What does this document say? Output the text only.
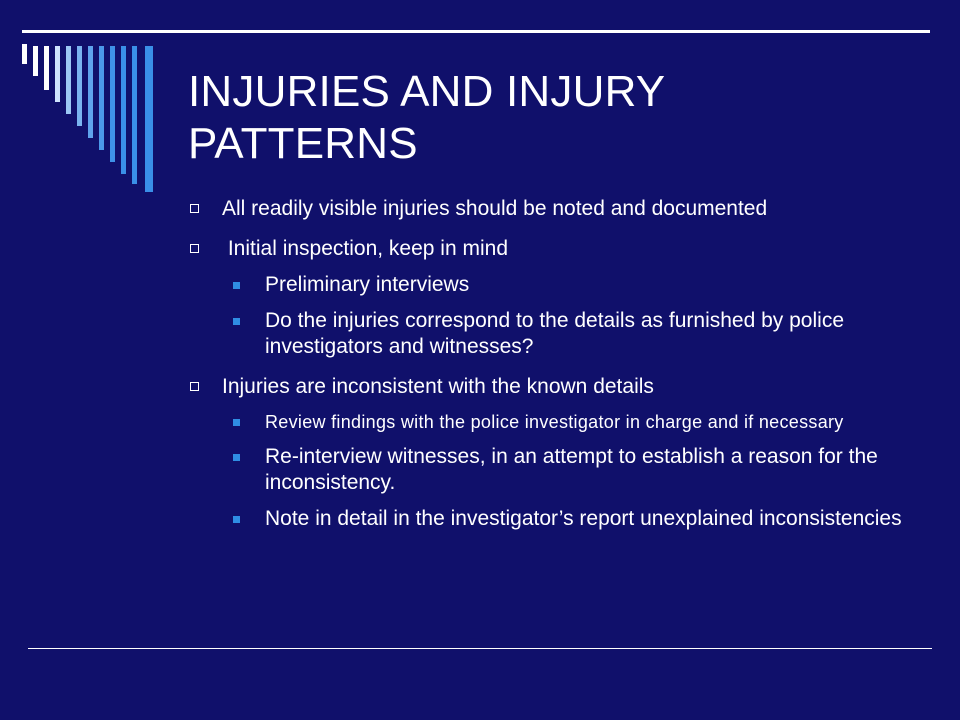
INJURIES AND INJURY
PATTERNS
All readily visible injuries should be noted and documented
Initial inspection, keep in mind
Preliminary interviews
Do the injuries correspond to the details as furnished by police investigators and witnesses?
Injuries are inconsistent with the known details
Review findings with the police investigator in charge and if necessary
Re-interview witnesses, in an attempt to establish a reason for the inconsistency.
Note in detail in the investigator’s report unexplained inconsistencies
